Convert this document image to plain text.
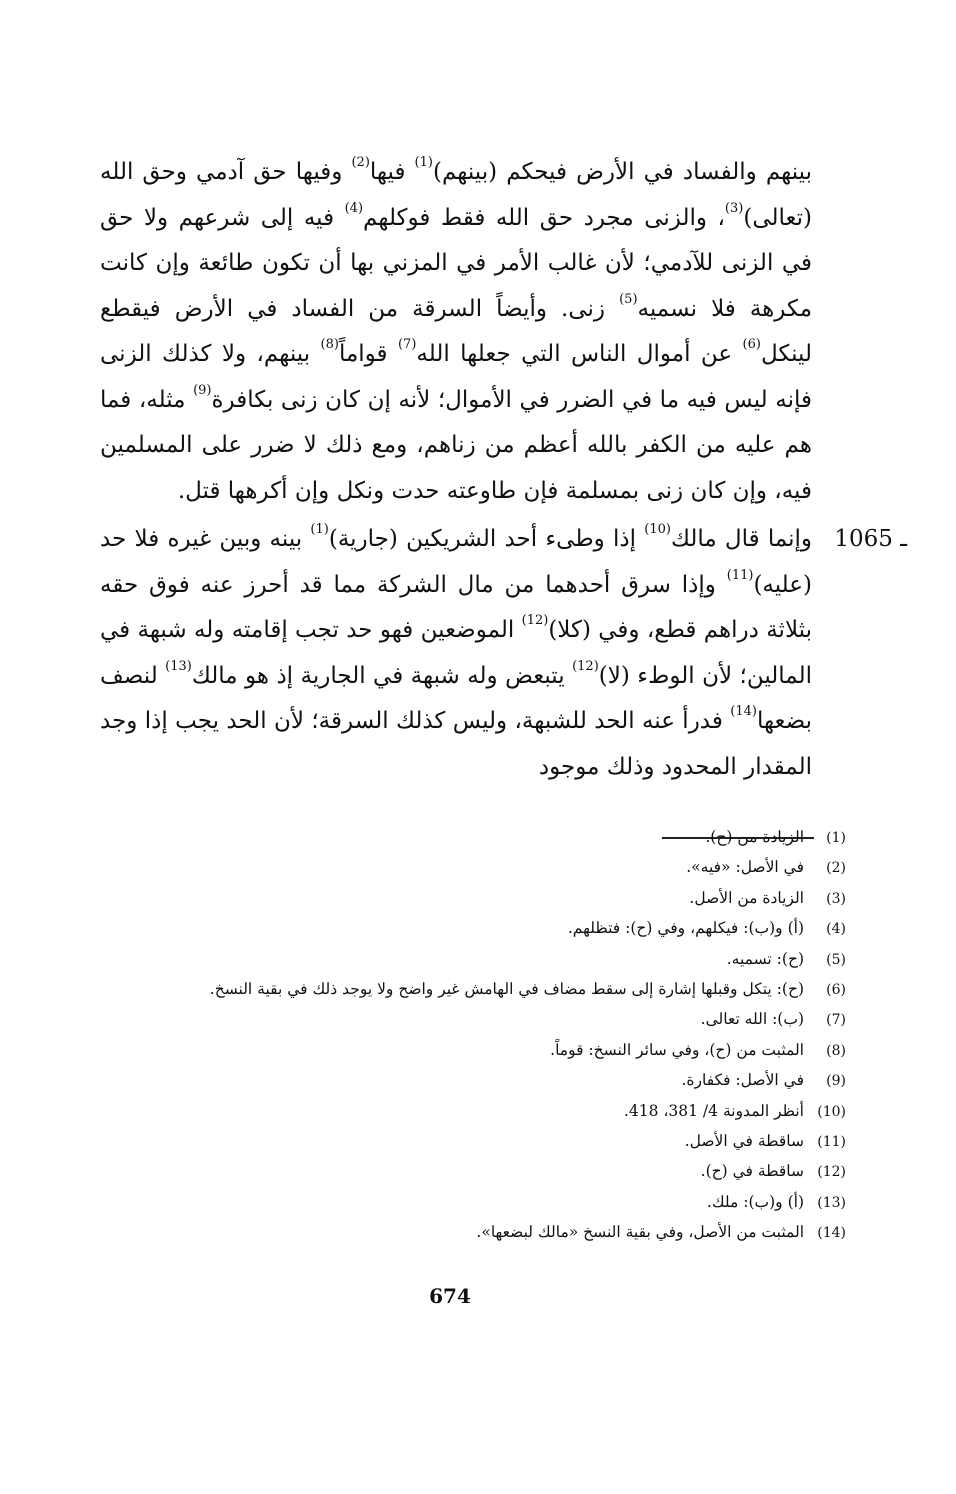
بينهم والفساد في الأرض فيحكم (بينهم)$^{(1)}$ فيها$^{(2)}$ وفيها حق آدمي وحق الله (تعالى)$^{(3)}$، والزنى مجرد حق الله فقط فوكلهم$^{(4)}$ فيه إلى شرعهم ولا حق في الزنى للآدمي؛ لأن غالب الأمر في المزني بها أن تكون طائعة وإن كانت مكرهة فلا نسميه$^{(5)}$ زنى. وأيضاً السرقة من الفساد في الأرض فيقطع لينكل$^{(6)}$ عن أموال الناس التي جعلها الله$^{(7)}$ قواماً$^{(8)}$ بينهم، ولا كذلك الزنى فإنه ليس فيه ما في الضرر في الأموال؛ لأنه إن كان زنى بكافرة$^{(9)}$ مثله، فما هم عليه من الكفر بالله أعظم من زناهم، ومع ذلك لا ضرر على المسلمين فيه، وإن كان زنى بمسلمة فإن طاوعته حدت ونكل وإن أكرهها قتل.

1065 ـ
وإنما قال مالك$^{(10)}$ إذا وطىء أحد الشريكين (جارية)$^{(1)}$ بينه وبين غيره فلا حد (عليه)$^{(11)}$ وإذا سرق أحدهما من مال الشركة مما قد أحرز عنه فوق حقه بثلاثة دراهم قطع، وفي (كلا)$^{(12)}$ الموضعين فهو حد تجب إقامته وله شبهة في المالين؛ لأن الوطء (لا)$^{(12)}$ يتبعض وله شبهة في الجارية إذ هو مالك$^{(13)}$ لنصف بضعها$^{(14)}$ فدرأ عنه الحد للشبهة، وليس كذلك السرقة؛ لأن الحد يجب إذا وجد المقدار المحدود وذلك موجود

(1)
الزيادة من (ح).
(2)
في الأصل: «فيه».
(3)
الزيادة من الأصل.
(4)
(أ) و(ب): فيكلهم، وفي (ح): فتظلهم.
(5)
(ح): تسميه.
(6)
(ح): يتكل وقبلها إشارة إلى سقط مضاف في الهامش غير واضح ولا يوجد ذلك في بقية النسخ.
(7)
(ب): الله تعالى.
(8)
المثبت من (ح)، وفي سائر النسخ: قوماً.
(9)
في الأصل: فكفارة.
(10)
أنظر المدونة 4/ 381، 418.
(11)
ساقطة في الأصل.
(12)
ساقطة في (ح).
(13)
(أ) و(ب): ملك.
(14)
المثبت من الأصل، وفي بقية النسخ «مالك لبضعها».
674
